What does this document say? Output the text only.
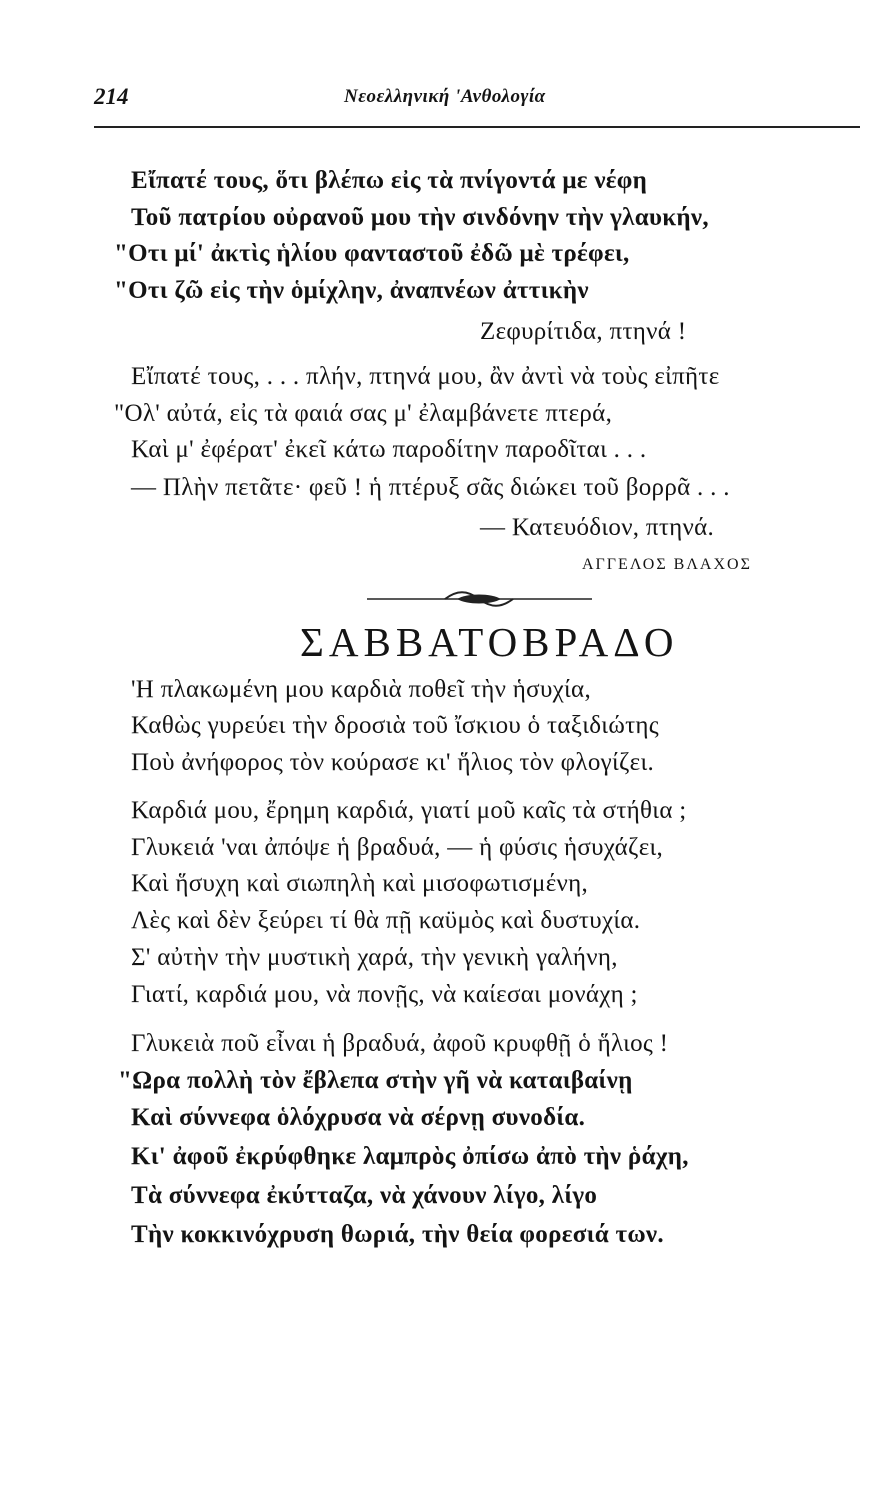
214	Νεοελληνική 'Ανθολογία
Εἴπατέ τους, ὅτι βλέπω εἰς τὰ πνίγοντά με νέφη
Τοῦ πατρίου οὐρανοῦ μου τὴν σινδόνην τὴν γλαυκήν,
"Οτι μί' ἀκτὶς ἡλίου φανταστοῦ ἐδῶ μὲ τρέφει,
"Οτι ζῶ εἰς τὴν ὁμίχλην, ἀναπνέων ἀττικὴν
Ζεφυρίτιδα, πτηνά !
Εἴπατέ τους, . . . πλήν, πτηνά μου, ἂν ἀντὶ νὰ τοὺς εἰπῆτε
"Ολ' αὐτά, εἰς τὰ φαιά σας μ' ἐλαμβάνετε πτερά,
Καὶ μ' ἐφέρατ' ἐκεῖ κάτω παροδίτην παροδῖται . . .
— Πλὴν πετᾶτε· φεῦ ! ἡ πτέρυξ σᾶς διώκει τοῦ βορρᾶ . . .
— Κατευόδιον, πτηνά.
ΑΓΓΕΛΟΣ ΒΛΑΧΟΣ
ΣΑΒΒΑΤΟΒΡΑΔΟ
'Η πλακωμένη μου καρδιὰ ποθεῖ τὴν ἡσυχία,
Καθὼς γυρεύει τὴν δροσιὰ τοῦ ἴσκιου ὁ ταξιδιώτης
Ποὺ ἀνήφορος τὸν κούρασε κι' ἥλιος τὸν φλογίζει.
Καρδιά μου, ἔρημη καρδιά, γιατί μοῦ καῖς τὰ στήθια ;
Γλυκειά 'ναι ἀπόψε ἡ βραδυά, — ἡ φύσις ἡσυχάζει,
Καὶ ἥσυχη καὶ σιωπηλὴ καὶ μισοφωτισμένη,
Λὲς καὶ δὲν ξεύρει τί θὰ πῇ καϋμὸς καὶ δυστυχία.
Σ' αὐτὴν τὴν μυστικὴ χαρά, τὴν γενικὴ γαλήνη,
Γιατί, καρδιά μου, νὰ πονῇς, νὰ καίεσαι μονάχη ;
Γλυκειὰ ποῦ εἶναι ἡ βραδυά, ἀφοῦ κρυφθῇ ὁ ἥλιος !
"Ωρα πολλὴ τὸν ἔβλεπα στὴν γῆ νὰ καταιβαίνῃ
Καὶ σύννεφα ὁλόχρυσα νὰ σέρνῃ συνοδία.
Κι' ἀφοῦ ἐκρύφθηκε λαμπρὸς ὀπίσω ἀπὸ τὴν ῥάχη,
Τὰ σύννεφα ἐκύτταζα, νὰ χάνουν λίγο, λίγο
Τὴν κοκκινόχρυση θωριά, τὴν θεία φορεσιά των.
